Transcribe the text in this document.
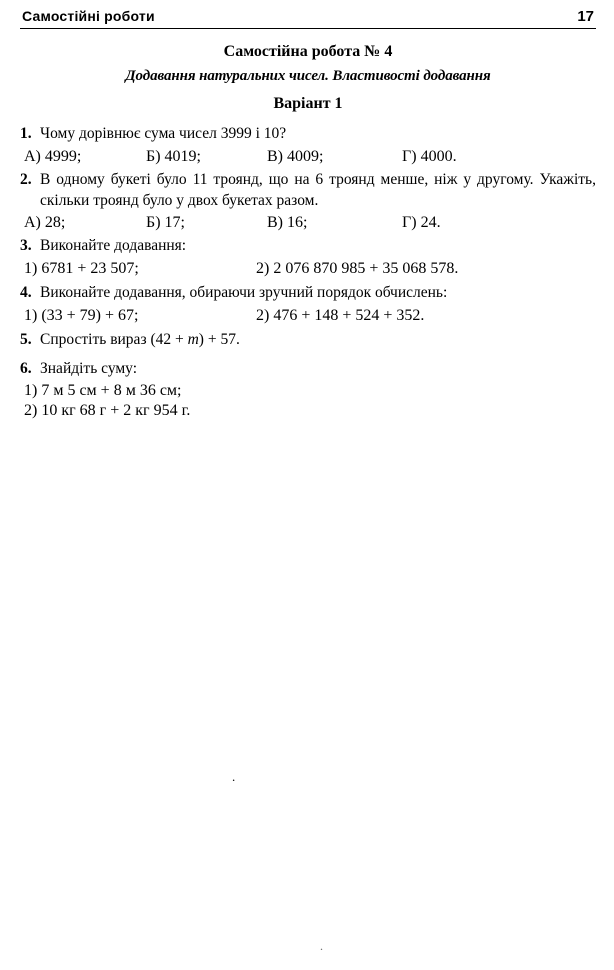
Самостійні роботи	17
Самостійна робота № 4
Додавання натуральних чисел. Властивості додавання
Варіант 1
1. Чому дорівнює сума чисел 3999 і 10?
А) 4999;	Б) 4019;	В) 4009;	Г) 4000.
2. В одному букеті було 11 троянд, що на 6 троянд менше, ніж у другому. Укажіть, скільки троянд було у двох букетах разом.
А) 28;	Б) 17;	В) 16;	Г) 24.
3. Виконайте додавання:
1) 6781 + 23 507;	2) 2 076 870 985 + 35 068 578.
4. Виконайте додавання, обираючи зручний порядок обчислень:
1) (33 + 79) + 67;	2) 476 + 148 + 524 + 352.
5. Спростіть вираз (42 + m) + 57.
6. Знайдіть суму:
1) 7 м 5 см + 8 м 36 см;
2) 10 кг 68 г + 2 кг 954 г.
.
.
